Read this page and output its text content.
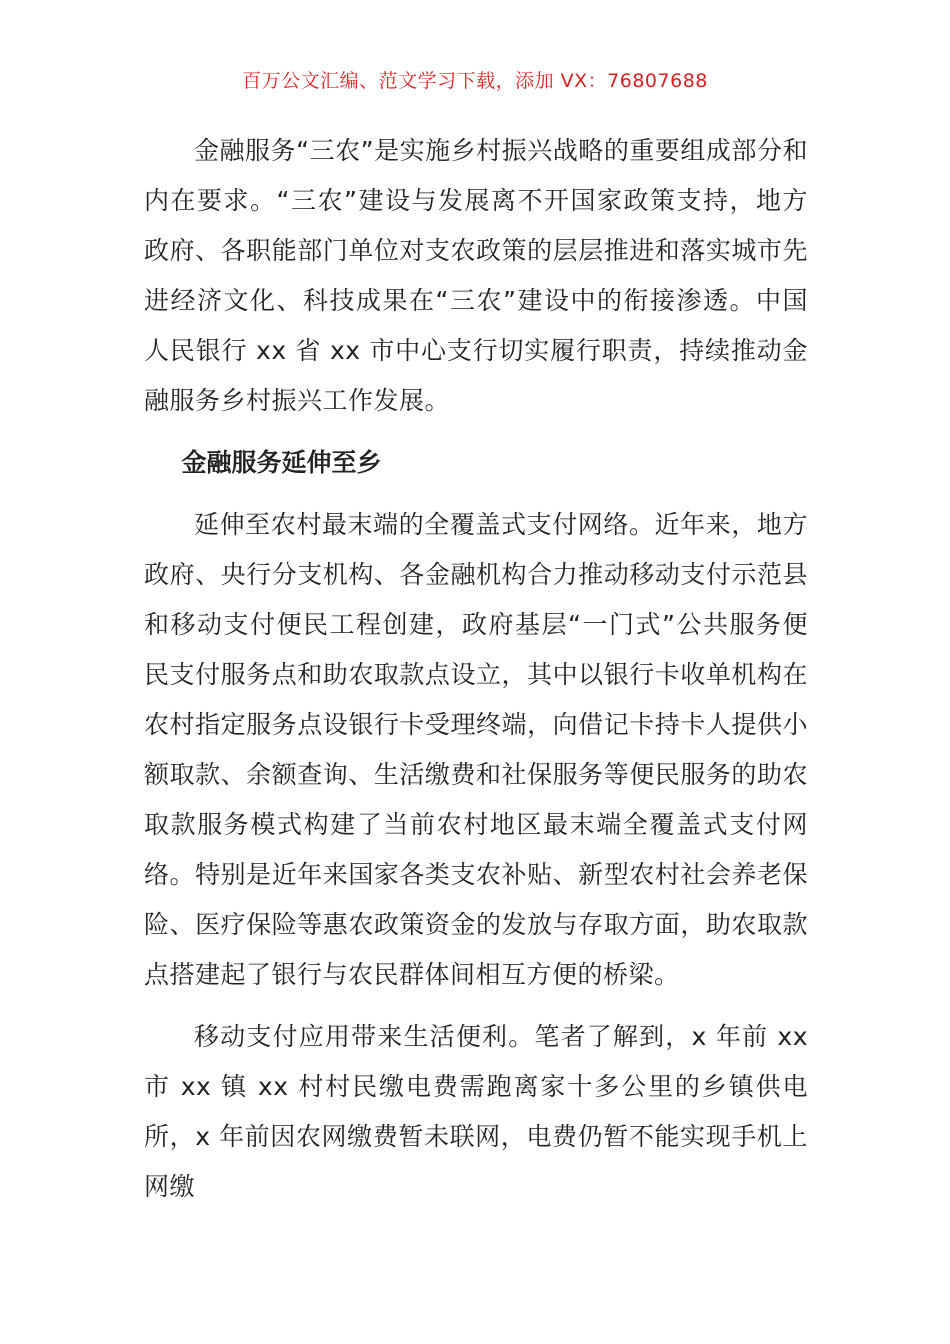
百万公文汇编、范文学习下载，添加 VX：76807688

金融服务“三农”是实施乡村振兴战略的重要组成部分和内在要求。“三农”建设与发展离不开国家政策支持，地方政府、各职能部门单位对支农政策的层层推进和落实城市先进经济文化、科技成果在“三农”建设中的衔接渗透。中国人民银行 xx 省 xx 市中心支行切实履行职责，持续推动金融服务乡村振兴工作发展。

金融服务延伸至乡

延伸至农村最末端的全覆盖式支付网络。近年来，地方政府、央行分支机构、各金融机构合力推动移动支付示范县和移动支付便民工程创建，政府基层“一门式”公共服务便民支付服务点和助农取款点设立，其中以银行卡收单机构在农村指定服务点设银行卡受理终端，向借记卡持卡人提供小额取款、余额查询、生活缴费和社保服务等便民服务的助农取款服务模式构建了当前农村地区最末端全覆盖式支付网络。特别是近年来国家各类支农补贴、新型农村社会养老保险、医疗保险等惠农政策资金的发放与存取方面，助农取款点搭建起了银行与农民群体间相互方便的桥梁。

移动支付应用带来生活便利。笔者了解到，x 年前 xx 市 xx 镇 xx 村村民缴电费需跑离家十多公里的乡镇供电所，x 年前因农网缴费暂未联网，电费仍暂不能实现手机上网缴
